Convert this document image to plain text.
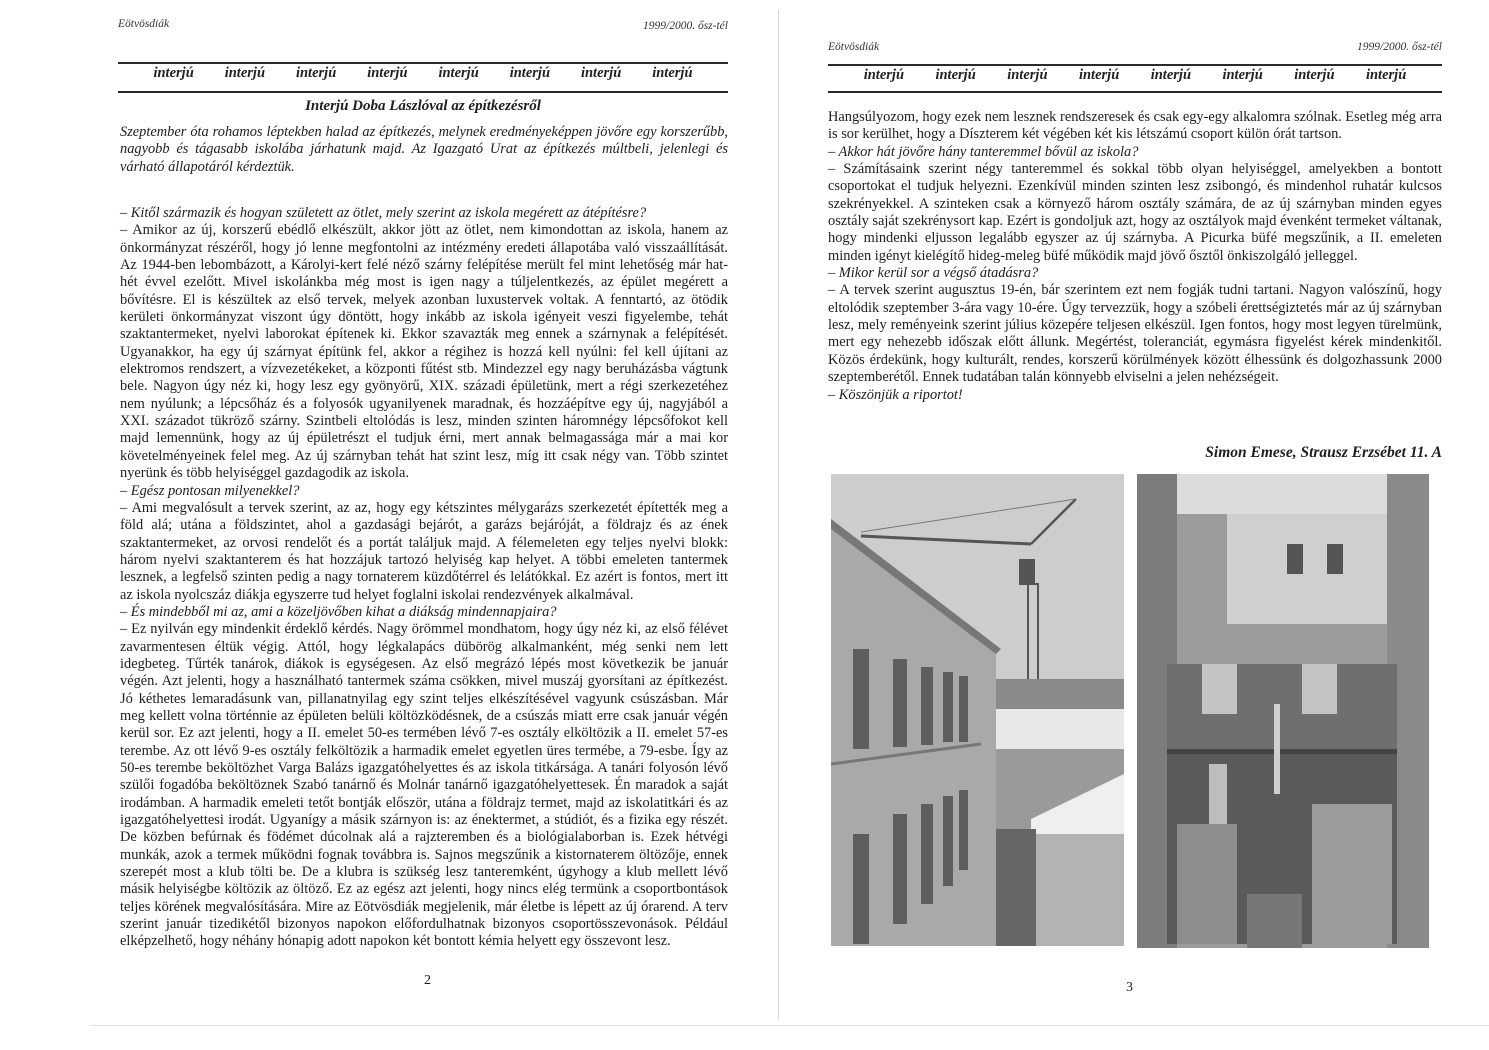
Eötvösdiák	1999/2000. ősz-tél
interjú interjú interjú interjú interjú interjú interjú interjú
Interjú Doba Lászlóval az építkezésről
Szeptember óta rohamos léptekben halad az építkezés, melynek eredményeképpen jövőre egy korszerűbb, nagyobb és tágasabb iskolába járhatunk majd. Az Igazgató Urat az építkezés múltbeli, jelenlegi és várható állapotáról kérdeztük.

– Kitől származik és hogyan született az ötlet, mely szerint az iskola megérett az átépítésre?

– Amikor az új, korszerű ebédlő elkészült, akkor jött az ötlet, nem kimondottan az iskola, hanem az önkormányzat részéről, hogy jó lenne megfontolni az intézmény eredeti állapotába való visszaállítását. Az 1944-ben lebombázott, a Károlyi-kert felé néző szárny felépítése merült fel mint lehetőség már hat-hét évvel ezelőtt. Mivel iskolánkba még most is igen nagy a túljelentkezés, az épület megérett a bővítésre. El is készültek az első tervek, melyek azonban luxustervek voltak. A fenntartó, az ötödik kerületi önkormányzat viszont úgy döntött, hogy inkább az iskola igényeit veszi figyelembe, tehát szaktantermeket, nyelvi laborokat építenek ki. Ekkor szavazták meg ennek a szárnynak a felépítését. Ugyanakkor, ha egy új szárnyat építünk fel, akkor a régihez is hozzá kell nyúlni: fel kell újítani az elektromos rendszert, a vízvezetékeket, a központi fűtést stb. Mindezzel egy nagy beruházásba vágtunk bele. Nagyon úgy néz ki, hogy lesz egy gyönyörű, XIX. századi épületünk, mert a régi szerkezetéhez nem nyúlunk; a lépcsőház és a folyosók ugyanilyenek maradnak, és hozzáépítve egy új, nagyjából a XXI. századot tükröző szárny. Szintbeli eltolódás is lesz, minden szinten háromnégy lépcsőfokot kell majd lemennünk, hogy az új épületrészt el tudjuk érni, mert annak belmagassága már a mai kor követelményeinek felel meg. Az új szárnyban tehát hat szint lesz, míg itt csak négy van. Több szintet nyerünk és több helyiséggel gazdagodik az iskola.

– Egész pontosan milyenekkel?

– Ami megvalósult a tervek szerint, az az, hogy egy kétszintes mélygarázs szerkezetét építették meg a föld alá; utána a földszintet, ahol a gazdasági bejárót, a garázs bejáróját, a földrajz és az ének szaktantermeket, az orvosi rendelőt és a portát találjuk majd. A félemeleten egy teljes nyelvi blokk: három nyelvi szaktanterem és hat hozzájuk tartozó helyiség kap helyet. A többi emeleten tantermek lesznek, a legfelső szinten pedig a nagy tornaterem küzdőtérrel és lelátókkal. Ez azért is fontos, mert itt az iskola nyolcszáz diákja egyszerre tud helyet foglalni iskolai rendezvények alkalmával.

– És mindebből mi az, ami a közeljövőben kihat a diákság mindennapjaira?

– Ez nyilván egy mindenkit érdeklő kérdés. Nagy örömmel mondhatom, hogy úgy néz ki, az első félévet zavarmentesen éltük végig. Attól, hogy légkalapács dübörög alkalmanként, még senki nem lett idegbeteg. Tűrték tanárok, diákok is egységesen. Az első megrázó lépés most következik be január végén. Azt jelenti, hogy a használható tantermek száma csökken, mivel muszáj gyorsítani az építkezést. Jó kéthetes lemaradásunk van, pillanatnyilag egy szint teljes elkészítésével vagyunk csúszásban. Már meg kellett volna történnie az épületen belüli költözködésnek, de a csúszás miatt erre csak január végén kerül sor. Ez azt jelenti, hogy a II. emelet 50-es termében lévő 7-es osztály elköltözik a II. emelet 57-es terembe. Az ott lévő 9-es osztály felköltözik a harmadik emelet egyetlen üres termébe, a 79-esbe. Így az 50-es terembe beköltözhet Varga Balázs igazgatóhelyettes és az iskola titkársága. A tanári folyosón lévő szülői fogadóba beköltöznek Szabó tanárnő és Molnár tanárnő igazgatóhelyettesek. Én maradok a saját irodámban. A harmadik emeleti tetőt bontják először, utána a földrajz termet, majd az iskolatitkári és az igazgatóhelyettesi irodát. Ugyanígy a másik szárnyon is: az énektermet, a stúdiót, és a fizika egy részét. De közben befúrnak és födémet dúcolnak alá a rajzteremben és a biológialaborban is. Ezek hétvégi munkák, azok a termek működni fognak továbbra is. Sajnos megszűnik a kistornaterem öltözője, ennek szerepét most a klub tölti be. De a klubra is szükség lesz tanteremként, úgyhogy a klub mellett lévő másik helyiségbe költözik az öltöző. Ez az egész azt jelenti, hogy nincs elég termünk a csoportbontások teljes körének megvalósítására. Mire az Eötvösdiák megjelenik, már életbe is lépett az új órarend. A terv szerint január tizedikétől bizonyos napokon előfordulhatnak bizonyos csoportösszevonások. Például elképzelhető, hogy néhány hónapig adott napokon két bontott kémia helyett egy összevont lesz.

2
Eötvösdiák	1999/2000. ősz-tél
interjú interjú interjú interjú interjú interjú interjú interjú

Hangsúlyozom, hogy ezek nem lesznek rendszeresek és csak egy-egy alkalomra szólnak. Esetleg még arra is sor kerülhet, hogy a Díszterem két végében két kis létszámú csoport külön órát tartson.

– Akkor hát jövőre hány tanteremmel bővül az iskola?

– Számításaink szerint négy tanteremmel és sokkal több olyan helyiséggel, amelyekben a bontott csoportokat el tudjuk helyezni. Ezenkívül minden szinten lesz zsibongó, és mindenhol ruhatár kulcsos szekrényekkel. A szinteken csak a környező három osztály számára, de az új szárnyban minden egyes osztály saját szekrénysort kap. Ezért is gondoljuk azt, hogy az osztályok majd évenként termeket váltanak, hogy mindenki eljusson legalább egyszer az új szárnyba. A Picurka büfé megszűnik, a II. emeleten minden igényt kielégítő hideg-meleg büfé működik majd jövő ősztől önkiszolgáló jelleggel.

– Mikor kerül sor a végső átadásra?

– A tervek szerint augusztus 19-én, bár szerintem ezt nem fogják tudni tartani. Nagyon valószínű, hogy eltolódik szeptember 3-ára vagy 10-ére. Úgy tervezzük, hogy a szóbeli érettségiztetés már az új szárnyban lesz, mely reményeink szerint július közepére teljesen elkészül. Igen fontos, hogy most legyen türelmünk, mert egy nehezebb időszak előtt állunk. Megértést, toleranciát, egymásra figyelést kérek mindenkitől. Közös érdekünk, hogy kulturált, rendes, korszerű körülmények között élhessünk és dolgozhassunk 2000 szeptemberétől. Ennek tudatában talán könnyebb elviselni a jelen nehézségeit.

– Köszönjük a riportot!

Simon Emese, Strausz Erzsébet 11. A
3
